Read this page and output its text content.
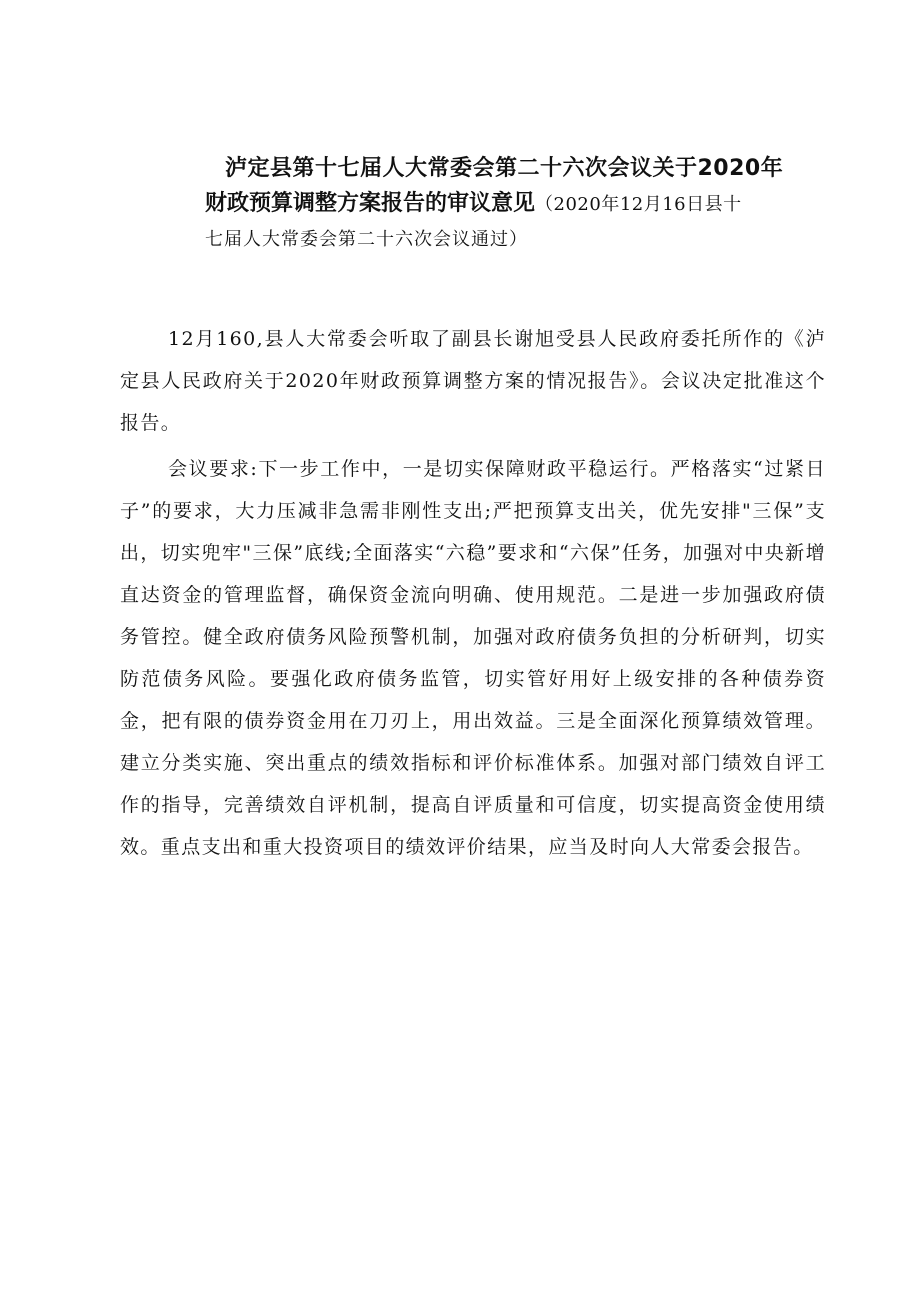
泸定县第十七届人大常委会第二十六次会议关于2020年
财政预算调整方案报告的审议意见（2020年12月16日县十
七届人大常委会第二十六次会议通过）

12月160,县人大常委会听取了副县长谢旭受县人民政府委托所作的《泸定县人民政府关于2020年财政预算调整方案的情况报告》。会议决定批准这个报告。

会议要求:下一步工作中，一是切实保障财政平稳运行。严格落实“过紧日子”的要求，大力压减非急需非刚性支出;严把预算支出关，优先安排"三保”支出，切实兜牢"三保”底线;全面落实“六稳”要求和“六保”任务，加强对中央新增直达资金的管理监督，确保资金流向明确、使用规范。二是进一步加强政府债务管控。健全政府债务风险预警机制，加强对政府债务负担的分析研判，切实防范债务风险。要强化政府债务监管，切实管好用好上级安排的各种债券资金，把有限的债券资金用在刀刃上，用出效益。三是全面深化预算绩效管理。建立分类实施、突出重点的绩效指标和评价标准体系。加强对部门绩效自评工作的指导，完善绩效自评机制，提高自评质量和可信度，切实提高资金使用绩效。重点支出和重大投资项目的绩效评价结果，应当及时向人大常委会报告。
